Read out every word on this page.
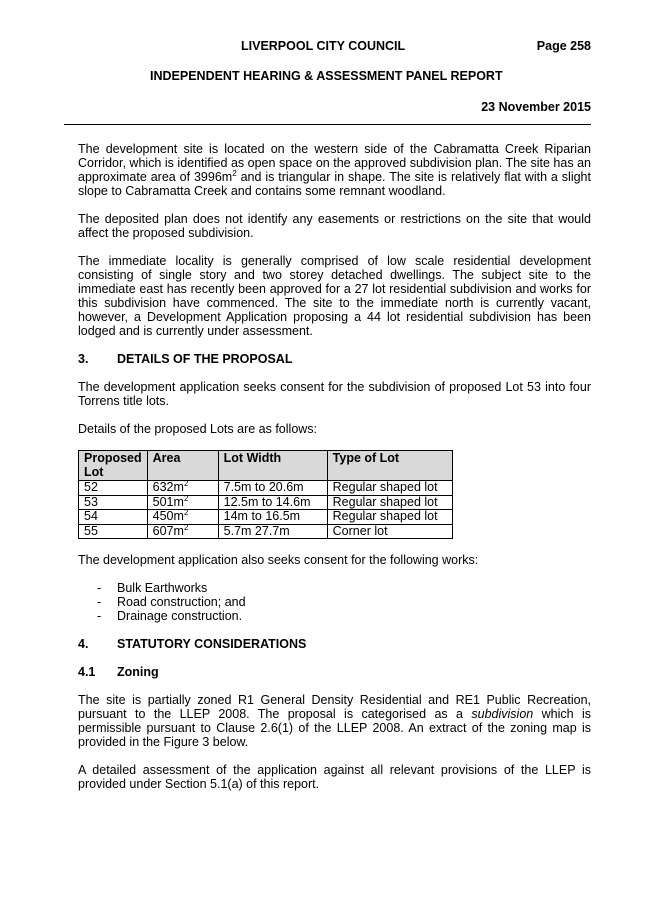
LIVERPOOL CITY COUNCIL	Page 258
INDEPENDENT HEARING & ASSESSMENT PANEL REPORT
23 November 2015

The development site is located on the western side of the Cabramatta Creek Riparian Corridor, which is identified as open space on the approved subdivision plan. The site has an approximate area of $3996m^2$ and is triangular in shape. The site is relatively flat with a slight slope to Cabramatta Creek and contains some remnant woodland.

The deposited plan does not identify any easements or restrictions on the site that would affect the proposed subdivision.

The immediate locality is generally comprised of low scale residential development consisting of single story and two storey detached dwellings. The subject site to the immediate east has recently been approved for a 27 lot residential subdivision and works for this subdivision have commenced. The site to the immediate north is currently vacant, however, a Development Application proposing a 44 lot residential subdivision has been lodged and is currently under assessment.

3.	DETAILS OF THE PROPOSAL

The development application seeks consent for the subdivision of proposed Lot 53 into four Torrens title lots.

Details of the proposed Lots are as follows:

Proposed Lot	Area	Lot Width	Type of Lot
52	$632m^2$	7.5m to 20.6m	Regular shaped lot
53	$501m^2$	12.5m to 14.6m	Regular shaped lot
54	$450m^2$	14m to 16.5m	Regular shaped lot
55	$607m^2$	5.7m 27.7m	Corner lot

The development application also seeks consent for the following works:

-	Bulk Earthworks
-	Road construction; and
-	Drainage construction.
4.	STATUTORY CONSIDERATIONS
4.1	Zoning

The site is partially zoned R1 General Density Residential and RE1 Public Recreation, pursuant to the LLEP 2008. The proposal is categorised as a subdivision which is permissible pursuant to Clause 2.6(1) of the LLEP 2008. An extract of the zoning map is provided in the Figure 3 below.

A detailed assessment of the application against all relevant provisions of the LLEP is provided under Section 5.1(a) of this report.
